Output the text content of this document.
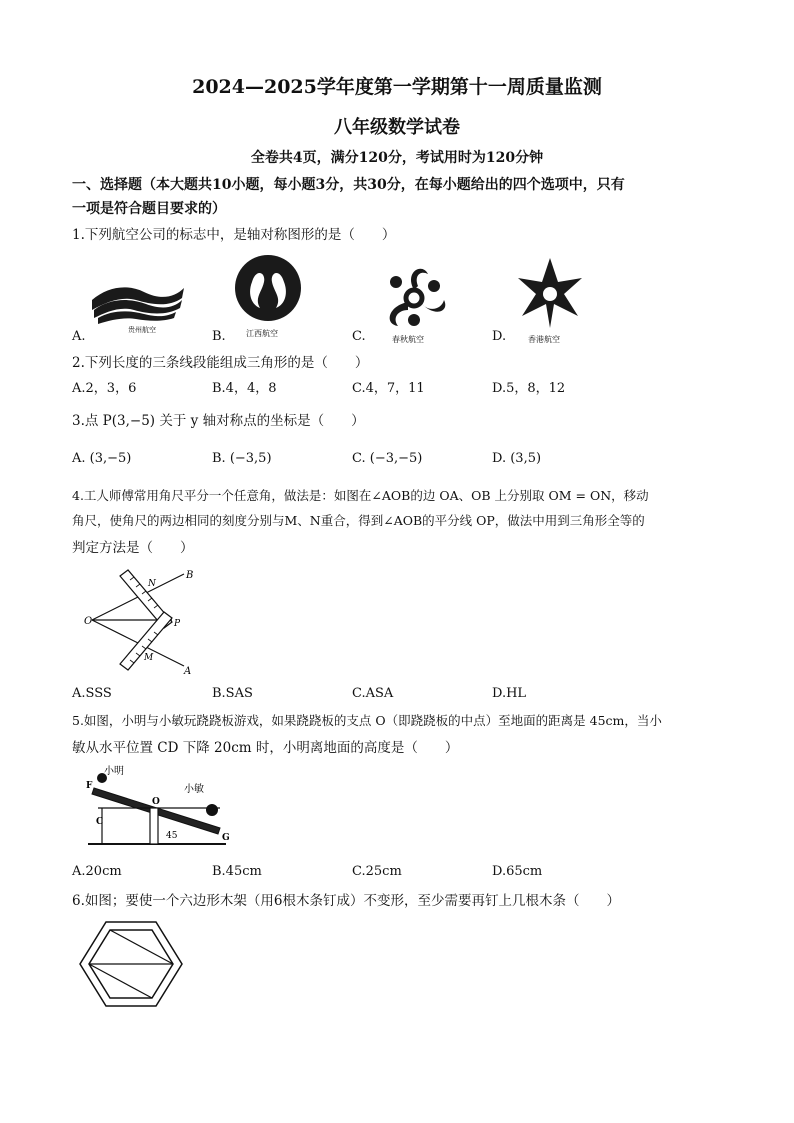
2024—2025学年度第一学期第十一周质量监测
八年级数学试卷
全卷共4页，满分120分，考试用时为120分钟
一、选择题（本大题共10小题，每小题3分，共30分，在每小题给出的四个选项中，只有
一项是符合题目要求的）
1.下列航空公司的标志中，是轴对称图形的是（　　）
贵州航空	江西航空
春秋航空	香港航空
A.	B.	C.	D.
2.下列长度的三条线段能组成三角形的是（　　）
A.2，3，6	B.4，4，8	C.4，7，11	D.5，8，12
3.点 P(3,−5) 关于 y 轴对称点的坐标是（　　）
A. (3,−5)	B. (−3,5)	C. (−3,−5)	D. (3,5)
4.工人师傅常用角尺平分一个任意角，做法是：如图在∠AOB的边 OA、OB 上分别取 OM = ON，移动
角尺，使角尺的两边相同的刻度分别与M、N重合，得到∠AOB的平分线 OP，做法中用到三角形全等的
判定方法是（　　）
O
B
A
N
M
P
A.SSS	B.SAS	C.ASA	D.HL
5.如图，小明与小敏玩跷跷板游戏，如果跷跷板的支点 O（即跷跷板的中点）至地面的距离是 45cm，当小
敏从水平位置 CD 下降 20cm 时，小明离地面的高度是（　　）
小明
小敏
F
C
O
G
45
A.20cm	B.45cm	C.25cm	D.65cm
6.如图；要使一个六边形木架（用6根木条钉成）不变形，至少需要再钉上几根木条（　　）
